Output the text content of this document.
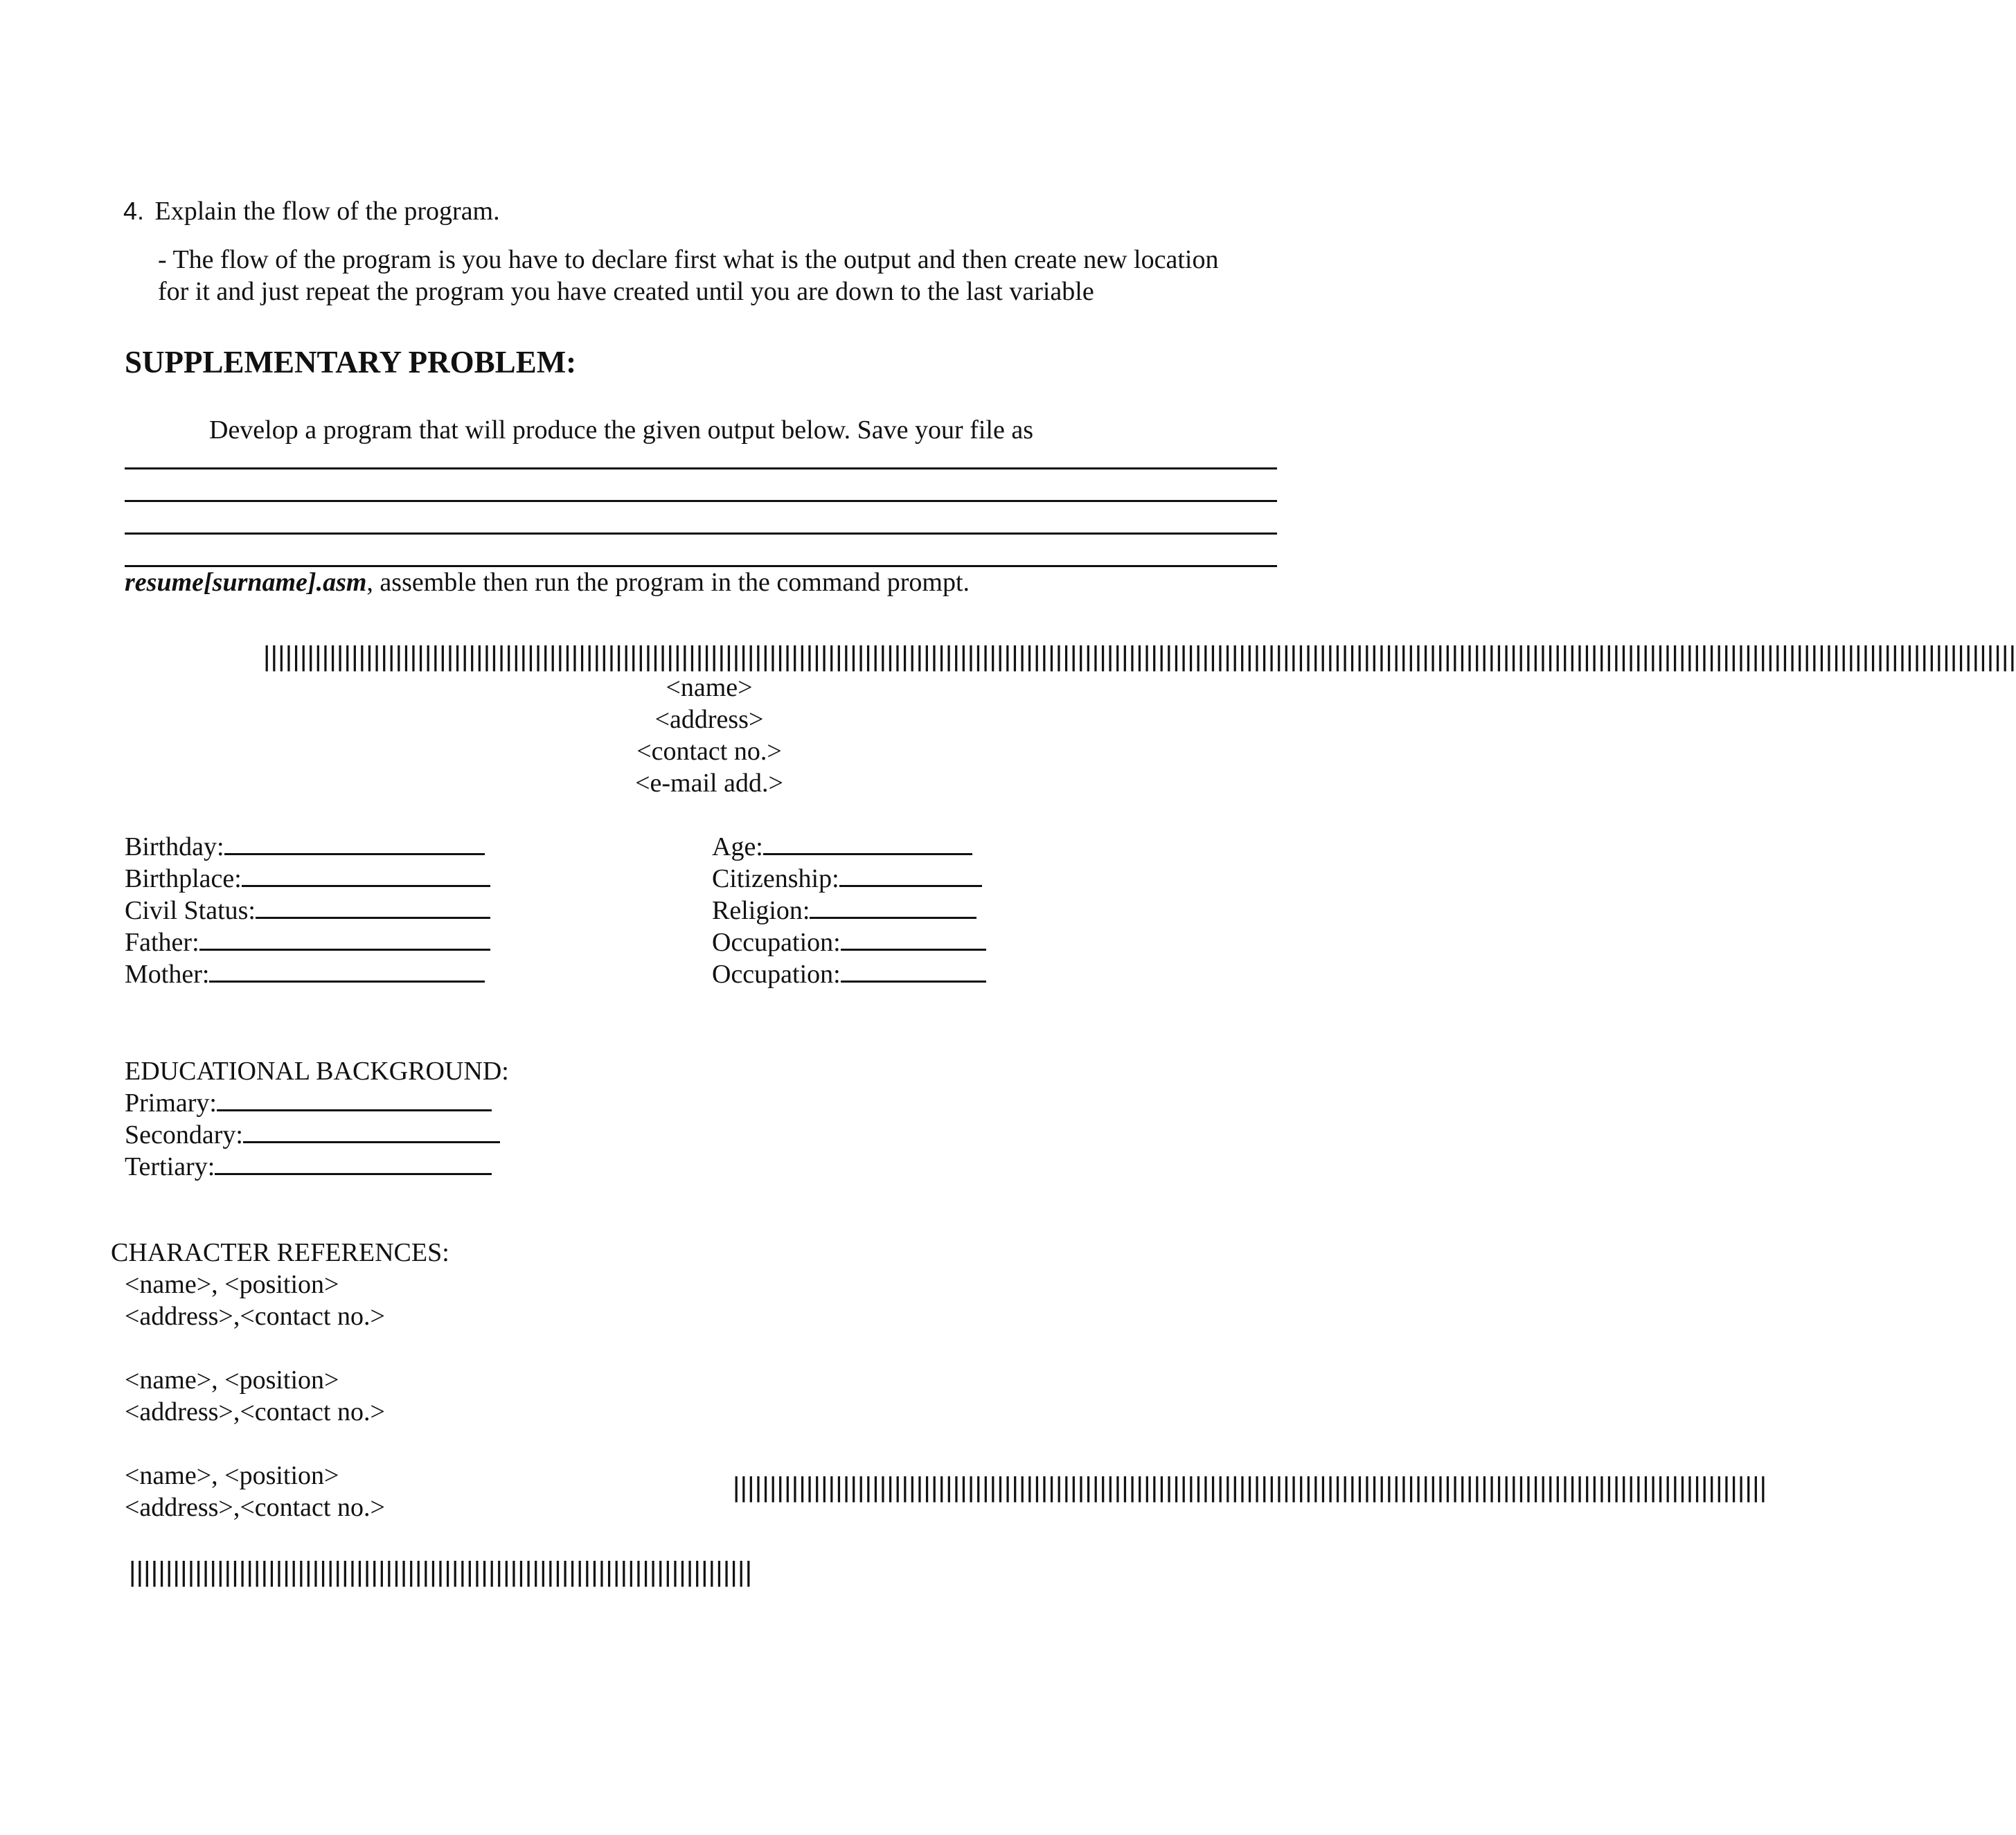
4. Explain the flow of the program.
- The flow of the program is you have to declare first what is the output and then create new location
for it and just repeat the program you have created until you are down to the last variable
SUPPLEMENTARY PROBLEM:
Develop a program that will produce the given output below. Save your file as
resume[surname].asm, assemble then run the program in the command prompt.
|||||||||||||||||||||||||||||||||||||||||||||||||||||||||||||||||||||||||||||||||||||||||||||||||||||||||||||||||||||||||||||||||||||||||||||||||||||||||||||||||||||||||||||||||||||||||||||||||||||||||||||||||||||||||||||||||||||||||||||||
<name>
<address>
<contact no.>
<e-mail add.>
Birthday:
Birthplace:
Civil Status:
Father:
Mother:
Age:
Citizenship:
Religion:
Occupation:
Occupation:
EDUCATIONAL BACKGROUND:
Primary:
Secondary:
Tertiary:
CHARACTER REFERENCES:
<name>, <position>
<address>,<contact no.>
<name>, <position>
<address>,<contact no.>
<name>, <position>
<address>,<contact no.>
|||||||||||||||||||||||||||||||||||||||||||||||||||||||||||||||||||||||||||||||||||||||||||||||||||||||||||||||||||||||||||||||||||||||||||||
|||||||||||||||||||||||||||||||||||||||||||||||||||||||||||||||||||||||||||||||||||||
